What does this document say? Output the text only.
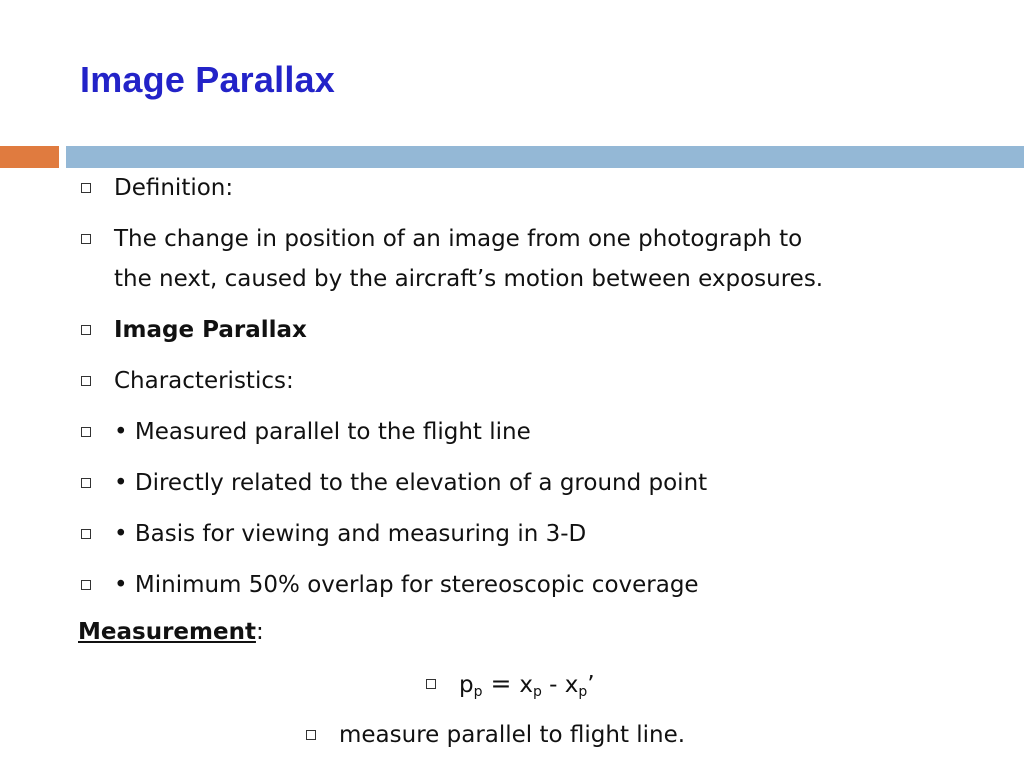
Image Parallax
Definition:
The change in position of an image from one photograph to
the next, caused by the aircraft’s motion between exposures.
Image Parallax
Characteristics:
• Measured parallel to the flight line
• Directly related to the elevation of a ground point
• Basis for viewing and measuring in 3-D
• Minimum 50% overlap for stereoscopic coverage
Measurement:
$p_p = x_p - x_p$’
measure parallel to flight line.
